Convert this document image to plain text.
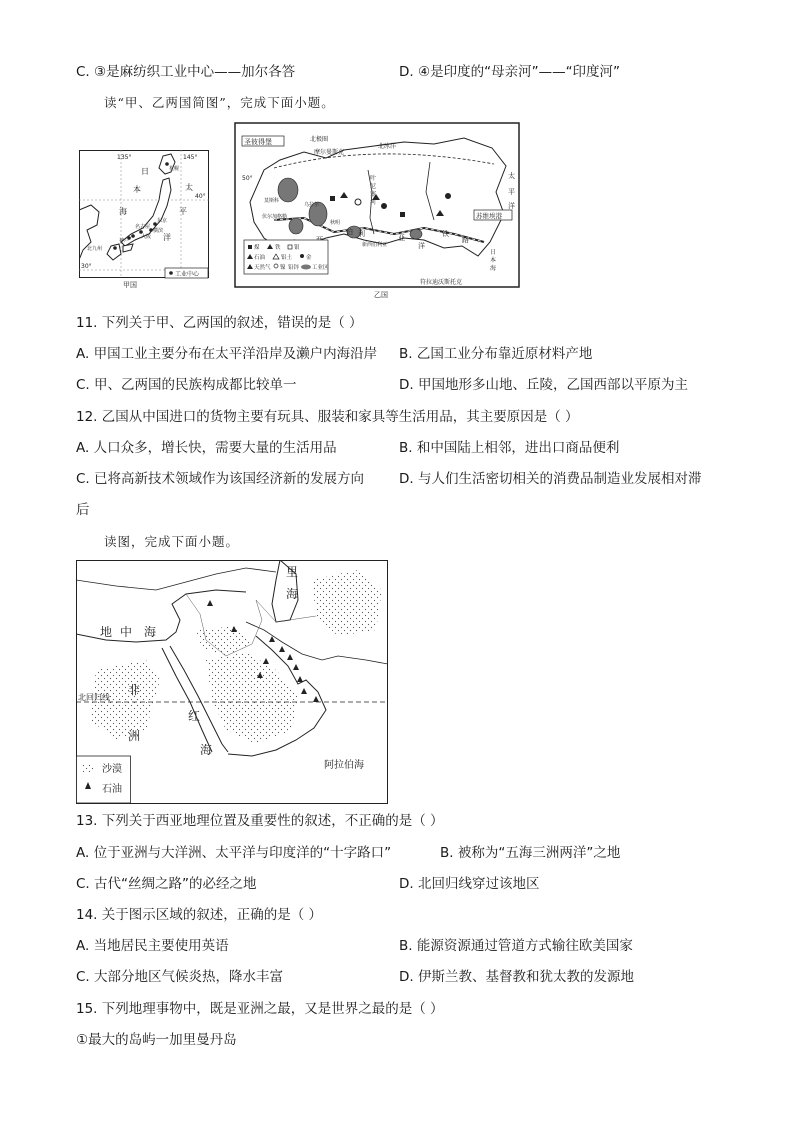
C. ③是麻纺织工业中心——加尔各答	D. ④是印度的“母亲河”——“印度河”
读“甲、乙两国简图”，完成下面小题。
135°	145°
40°
30°
日
本
海
太
平
洋
札幌
北九州
大阪
名古屋
东京
横滨
神户
工业中心
甲国
圣彼得堡	北极圈
摩尔曼斯克
北冰洋
叶
尼
塞
河
伯 利	亚	铁
路
苏维埃港
太
平
洋
日
本
海
符拉迪沃斯托克
新西伯利亚
秋明
莫斯科
伏尔加格勒
乌拉尔
洋
50°
煤	铁 银
石油	铝土	金
天然气 镍 铅锌 工业区
乙国
11. 下列关于甲、乙两国的叙述，错误的是（ ）
A. 甲国工业主要分布在太平洋沿岸及濑户内海沿岸 B. 乙国工业分布靠近原材料产地
C. 甲、乙两国的民族构成都比较单一	D. 甲国地形多山地、丘陵，乙国西部以平原为主
12. 乙国从中国进口的货物主要有玩具、服装和家具等生活用品，其主要原因是（ ）
A. 人口众多，增长快，需要大量的生活用品	B. 和中国陆上相邻，进出口商品便利
C. 已将高新技术领域作为该国经济新的发展方向	D. 与人们生活密切相关的消费品制造业发展相对滞
后
读图，完成下面小题。
里
海
地 中 海
非
洲
红
海
阿拉伯海
北回归线
沙漠
石油
13. 下列关于西亚地理位置及重要性的叙述，不正确的是（ ）
A. 位于亚洲与大洋洲、太平洋与印度洋的“十字路口”	B. 被称为“五海三洲两洋”之地
C. 古代“丝绸之路”的必经之地	D. 北回归线穿过该地区
14. 关于图示区域的叙述，正确的是（ ）
A. 当地居民主要使用英语	B. 能源资源通过管道方式输往欧美国家
C. 大部分地区气候炎热，降水丰富	D. 伊斯兰教、基督教和犹太教的发源地
15. 下列地理事物中，既是亚洲之最，又是世界之最的是（ ）
①最大的岛屿一加里曼丹岛
